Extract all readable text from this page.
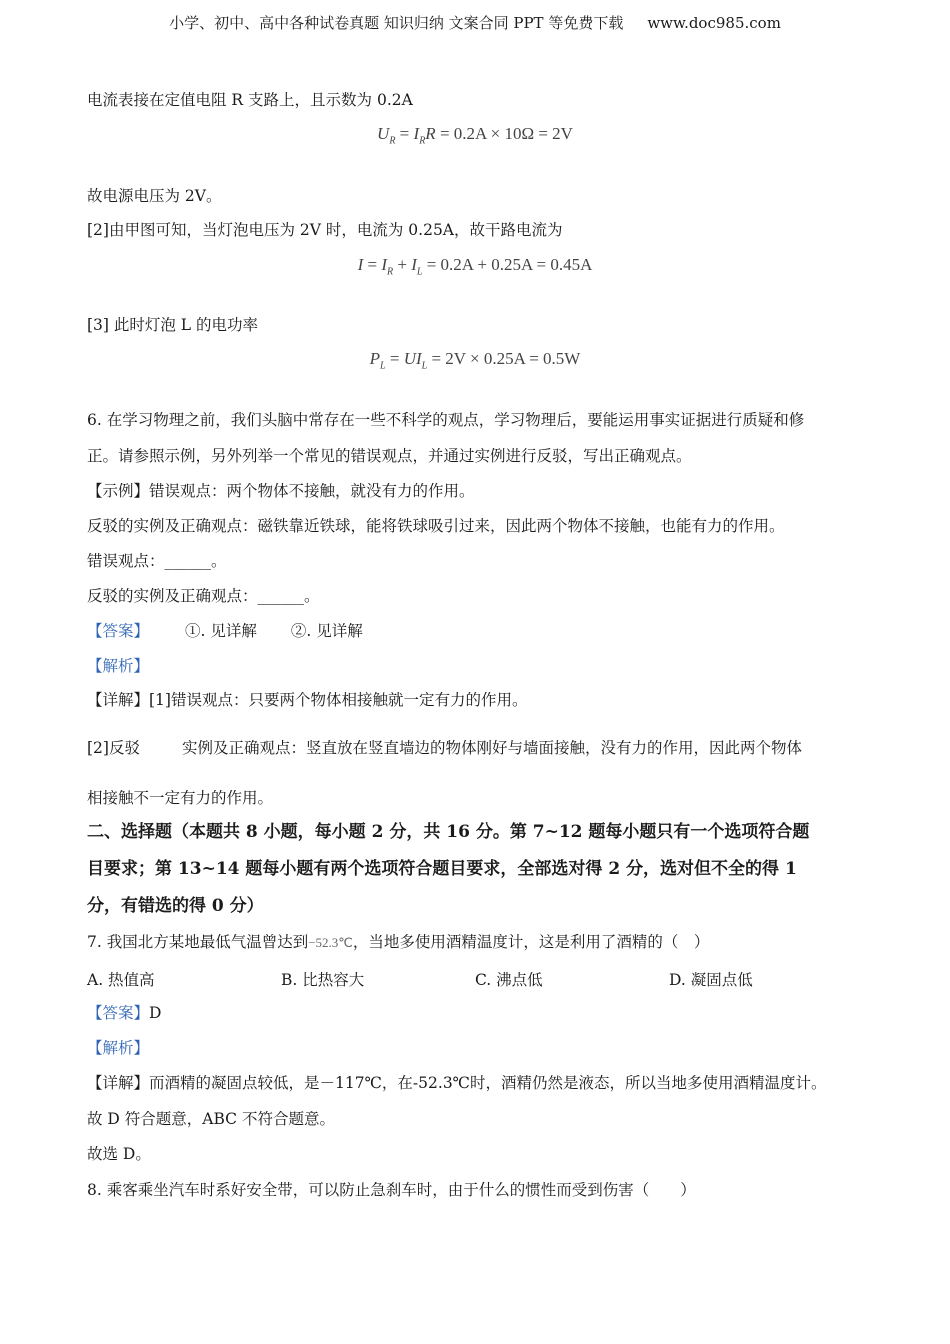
小学、初中、高中各种试卷真题 知识归纳 文案合同 PPT 等免费下载 www.doc985.com
电流表接在定值电阻 R 支路上，且示数为 0.2A
$U_R = I_RR = 0.2A \times 10\Omega = 2V$
故电源电压为 2V。
[2]由甲图可知，当灯泡电压为 2V 时，电流为 0.25A，故干路电流为
$I = I_R + I_L = 0.2A + 0.25A = 0.45A$
[3] 此时灯泡 L 的电功率
$P_L = UI_L = 2V \times 0.25A = 0.5W$
6. 在学习物理之前，我们头脑中常存在一些不科学的观点，学习物理后，要能运用事实证据进行质疑和修
正。请参照示例，另外列举一个常见的错误观点，并通过实例进行反驳，写出正确观点。
【示例】错误观点：两个物体不接触，就没有力的作用。
反驳的实例及正确观点：磁铁靠近铁球，能将铁球吸引过来，因此两个物体不接触，也能有力的作用。
错误观点：______。
反驳的实例及正确观点：______。
【答案】 ①. 见详解 ②. 见详解
【解析】
【详解】[1]错误观点：只要两个物体相接触就一定有力的作用。
[2]反驳	实例及正确观点：竖直放在竖直墙边的物体刚好与墙面接触，没有力的作用，因此两个物体
相接触不一定有力的作用。
二、选择题（本题共 8 小题，每小题 2 分，共 16 分。第 7~12 题每小题只有一个选项符合题
目要求；第 13~14 题每小题有两个选项符合题目要求，全部选对得 2 分，选对但不全的得 1
分，有错选的得 0 分）
7. 我国北方某地最低气温曾达到−52.3℃，当地多使用酒精温度计，这是利用了酒精的（　）
A. 热值高	B. 比热容大	C. 沸点低	D. 凝固点低
【答案】D
【解析】
【详解】而酒精的凝固点较低，是－117℃，在-52.3℃时，酒精仍然是液态，所以当地多使用酒精温度计。
故 D 符合题意，ABC 不符合题意。
故选 D。
8. 乘客乘坐汽车时系好安全带，可以防止急刹车时，由于什么的惯性而受到伤害（　　）
